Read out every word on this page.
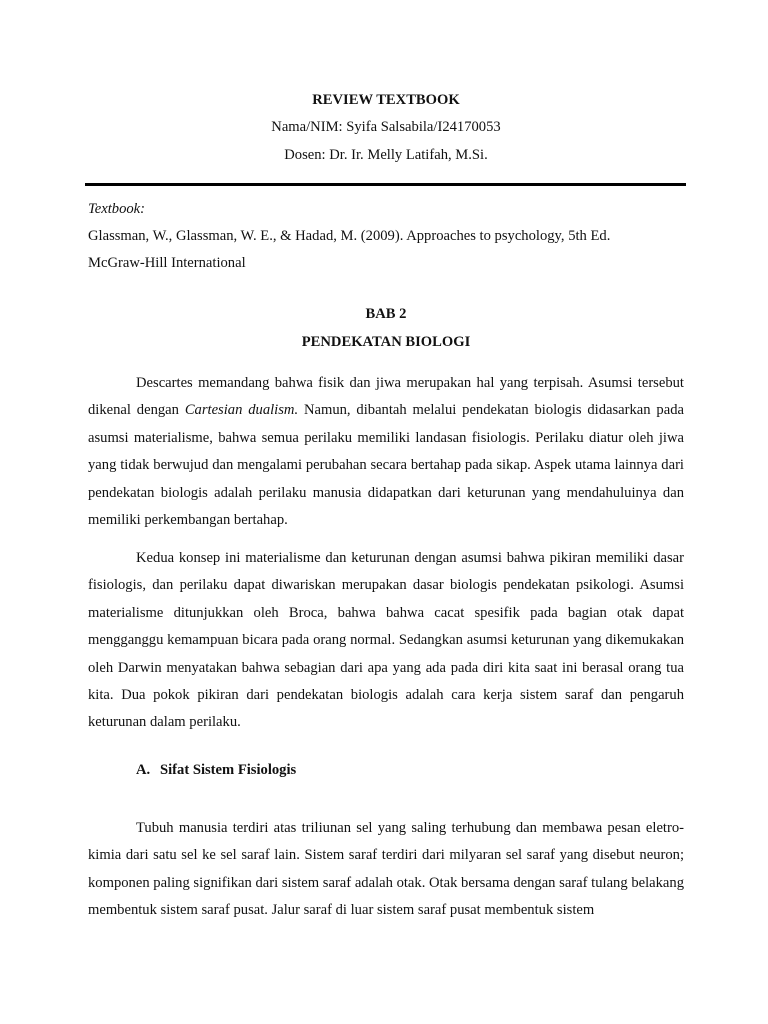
REVIEW TEXTBOOK
Nama/NIM: Syifa Salsabila/I24170053
Dosen: Dr. Ir. Melly Latifah, M.Si.
Textbook:
Glassman, W., Glassman, W. E., & Hadad, M. (2009). Approaches to psychology, 5th Ed.
McGraw-Hill International
BAB 2
PENDEKATAN BIOLOGI

Descartes memandang bahwa fisik dan jiwa merupakan hal yang terpisah. Asumsi tersebut dikenal dengan Cartesian dualism. Namun, dibantah melalui pendekatan biologis didasarkan pada asumsi materialisme, bahwa semua perilaku memiliki landasan fisiologis. Perilaku diatur oleh jiwa yang tidak berwujud dan mengalami perubahan secara bertahap pada sikap. Aspek utama lainnya dari pendekatan biologis adalah perilaku manusia didapatkan dari keturunan yang mendahuluinya dan memiliki perkembangan bertahap.

Kedua konsep ini materialisme dan keturunan dengan asumsi bahwa pikiran memiliki dasar fisiologis, dan perilaku dapat diwariskan merupakan dasar biologis pendekatan psikologi. Asumsi materialisme ditunjukkan oleh Broca, bahwa bahwa cacat spesifik pada bagian otak dapat mengganggu kemampuan bicara pada orang normal. Sedangkan asumsi keturunan yang dikemukakan oleh Darwin menyatakan bahwa sebagian dari apa yang ada pada diri kita saat ini berasal orang tua kita. Dua pokok pikiran dari pendekatan biologis adalah cara kerja sistem saraf dan pengaruh keturunan dalam perilaku.

A. Sifat Sistem Fisiologis

Tubuh manusia terdiri atas triliunan sel yang saling terhubung dan membawa pesan eletro-kimia dari satu sel ke sel saraf lain. Sistem saraf terdiri dari milyaran sel saraf yang disebut neuron; komponen paling signifikan dari sistem saraf adalah otak. Otak bersama dengan saraf tulang belakang membentuk sistem saraf pusat. Jalur saraf di luar sistem saraf pusat membentuk sistem
